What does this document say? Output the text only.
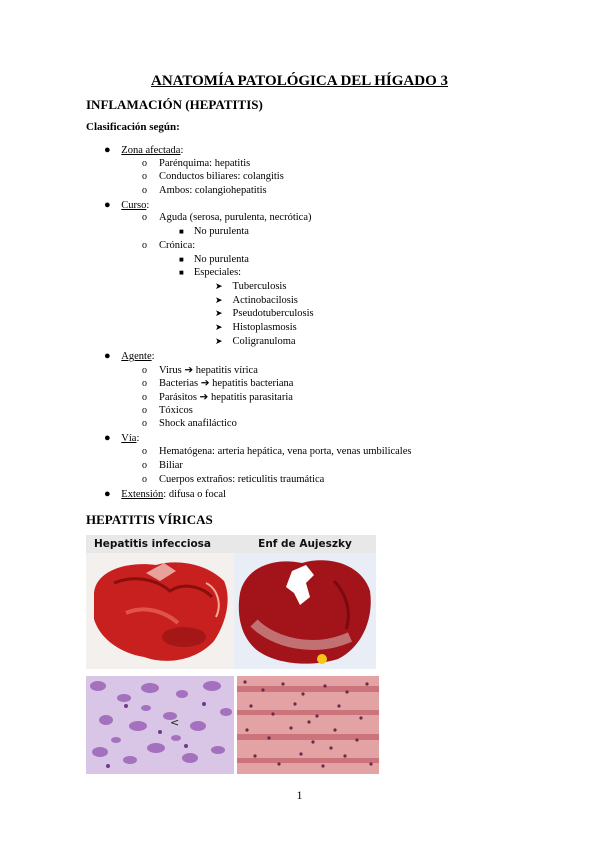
ANATOMÍA PATOLÓGICA DEL HÍGADO 3
INFLAMACIÓN (HEPATITIS)
Clasificación según:
● Zona afectada:
o Parénquima: hepatitis
o Conductos biliares: colangitis
o Ambos: colangiohepatitis
● Curso:
o Aguda (serosa, purulenta, necrótica)
■ No purulenta
o Crónica:
■ No purulenta
■ Especiales:
➤ Tuberculosis
➤ Actinobacilosis
➤ Pseudotuberculosis
➤ Histoplasmosis
➤ Coligranuloma
● Agente:
o Virus ➔ hepatitis vírica
o Bacterias ➔ hepatitis bacteriana
o Parásitos ➔ hepatitis parasitaria
o Tóxicos
o Shock anafiláctico
● Vía:
o Hematógena: arteria hepática, vena porta, venas umbilicales
o Biliar
o Cuerpos extraños: reticulitis traumática
● Extensión: difusa o focal
HEPATITIS VÍRICAS
Hepatitis infecciosa	Enf de Aujeszky
<
1
